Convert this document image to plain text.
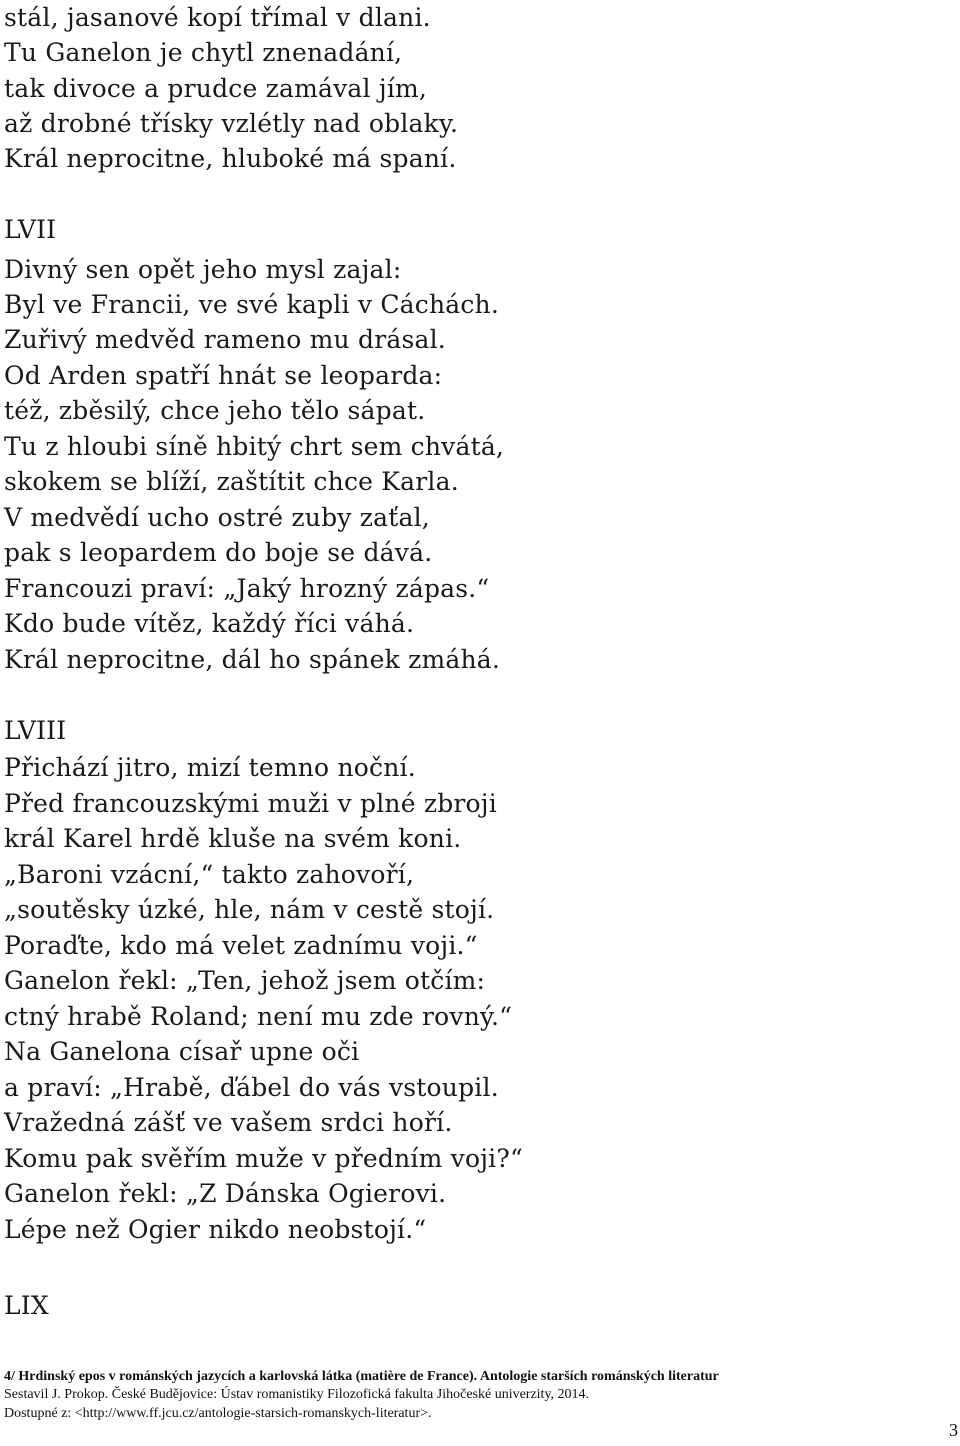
stál, jasanové kopí třímal v dlani.

Tu Ganelon je chytl znenadání,

tak divoce a prudce zamával jím,

až drobné třísky vzlétly nad oblaky.

Král neprocitne, hluboké má spaní.

LVII

Divný sen opět jeho mysl zajal:

Byl ve Francii, ve své kapli v Cáchách.

Zuřivý medvěd rameno mu drásal.

Od Arden spatří hnát se leoparda:

též, zběsilý, chce jeho tělo sápat.

Tu z hloubi síně hbitý chrt sem chvátá,

skokem se blíží, zaštítit chce Karla.

V medvědí ucho ostré zuby zaťal,

pak s leopardem do boje se dává.

Francouzi praví: „Jaký hrozný zápas.“

Kdo bude vítěz, každý říci váhá.

Král neprocitne, dál ho spánek zmáhá.

LVIII

Přichází jitro, mizí temno noční.

Před francouzskými muži v plné zbroji

král Karel hrdě kluše na svém koni.

„Baroni vzácní,“ takto zahovoří,

„soutěsky úzké, hle, nám v cestě stojí.

Poraďte, kdo má velet zadnímu voji.“

Ganelon řekl: „Ten, jehož jsem otčím:

ctný hrabě Roland; není mu zde rovný.“

Na Ganelona císař upne oči

a praví: „Hrabě, ďábel do vás vstoupil.

Vražedná zášť ve vašem srdci hoří.

Komu pak svěřím muže v předním voji?“

Ganelon řekl: „Z Dánska Ogierovi.

Lépe než Ogier nikdo neobstojí.“

LIX

4/ Hrdinský epos v románských jazycích a karlovská látka (matière de France). Antologie starších románských literatur

Sestavil J. Prokop. České Budějovice: Ústav romanistiky Filozofická fakulta Jihočeské univerzity, 2014.

Dostupné z: <http://www.ff.jcu.cz/antologie-starsich-romanskych-literatur>.

3
